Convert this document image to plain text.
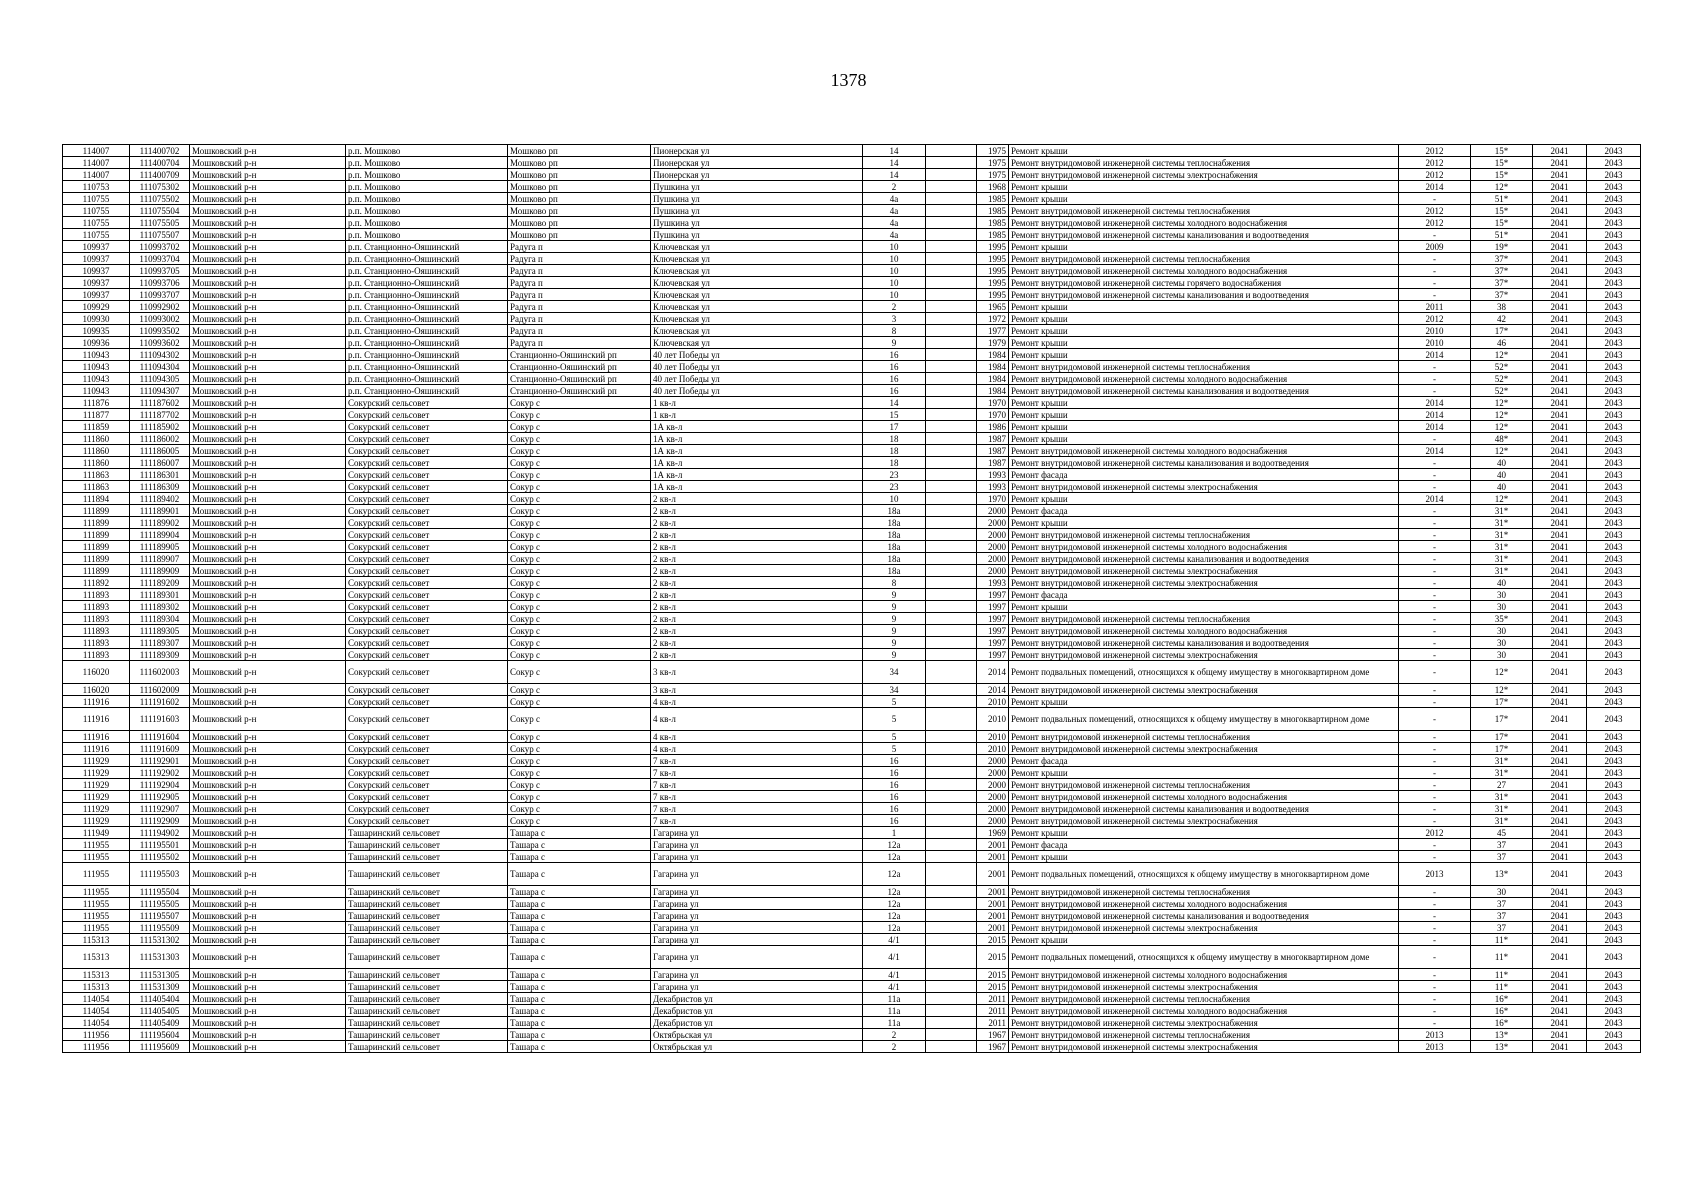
1378
114007	111400702	Мошковский р-н	р.п. Мошково	Мошково рп	Пионерская ул	14		1975	Ремонт крыши	2012	15*	2041	2043
114007	111400704	Мошковский р-н	р.п. Мошково	Мошково рп	Пионерская ул	14		1975	Ремонт внутридомовой инженерной системы теплоснабжения	2012	15*	2041	2043
114007	111400709	Мошковский р-н	р.п. Мошково	Мошково рп	Пионерская ул	14		1975	Ремонт внутридомовой инженерной системы электроснабжения	2012	15*	2041	2043
110753	111075302	Мошковский р-н	р.п. Мошково	Мошково рп	Пушкина ул	2		1968	Ремонт крыши	2014	12*	2041	2043
110755	111075502	Мошковский р-н	р.п. Мошково	Мошково рп	Пушкина ул	4а		1985	Ремонт крыши	-	51*	2041	2043
110755	111075504	Мошковский р-н	р.п. Мошково	Мошково рп	Пушкина ул	4а		1985	Ремонт внутридомовой инженерной системы теплоснабжения	2012	15*	2041	2043
110755	111075505	Мошковский р-н	р.п. Мошково	Мошково рп	Пушкина ул	4а		1985	Ремонт внутридомовой инженерной системы холодного водоснабжения	2012	15*	2041	2043
110755	111075507	Мошковский р-н	р.п. Мошково	Мошково рп	Пушкина ул	4а		1985	Ремонт внутридомовой инженерной системы канализования и водоотведения	-	51*	2041	2043
109937	110993702	Мошковский р-н	р.п. Станционно-Ояшинский	Радуга п	Ключевская ул	10		1995	Ремонт крыши	2009	19*	2041	2043
109937	110993704	Мошковский р-н	р.п. Станционно-Ояшинский	Радуга п	Ключевская ул	10		1995	Ремонт внутридомовой инженерной системы теплоснабжения	-	37*	2041	2043
109937	110993705	Мошковский р-н	р.п. Станционно-Ояшинский	Радуга п	Ключевская ул	10		1995	Ремонт внутридомовой инженерной системы холодного водоснабжения	-	37*	2041	2043
109937	110993706	Мошковский р-н	р.п. Станционно-Ояшинский	Радуга п	Ключевская ул	10		1995	Ремонт внутридомовой инженерной системы горячего водоснабжения	-	37*	2041	2043
109937	110993707	Мошковский р-н	р.п. Станционно-Ояшинский	Радуга п	Ключевская ул	10		1995	Ремонт внутридомовой инженерной системы канализования и водоотведения	-	37*	2041	2043
109929	110992902	Мошковский р-н	р.п. Станционно-Ояшинский	Радуга п	Ключевская ул	2		1965	Ремонт крыши	2011	38	2041	2043
109930	110993002	Мошковский р-н	р.п. Станционно-Ояшинский	Радуга п	Ключевская ул	3		1972	Ремонт крыши	2012	42	2041	2043
109935	110993502	Мошковский р-н	р.п. Станционно-Ояшинский	Радуга п	Ключевская ул	8		1977	Ремонт крыши	2010	17*	2041	2043
109936	110993602	Мошковский р-н	р.п. Станционно-Ояшинский	Радуга п	Ключевская ул	9		1979	Ремонт крыши	2010	46	2041	2043
110943	111094302	Мошковский р-н	р.п. Станционно-Ояшинский	Станционно-Ояшинский рп	40 лет Победы ул	16		1984	Ремонт крыши	2014	12*	2041	2043
110943	111094304	Мошковский р-н	р.п. Станционно-Ояшинский	Станционно-Ояшинский рп	40 лет Победы ул	16		1984	Ремонт внутридомовой инженерной системы теплоснабжения	-	52*	2041	2043
110943	111094305	Мошковский р-н	р.п. Станционно-Ояшинский	Станционно-Ояшинский рп	40 лет Победы ул	16		1984	Ремонт внутридомовой инженерной системы холодного водоснабжения	-	52*	2041	2043
110943	111094307	Мошковский р-н	р.п. Станционно-Ояшинский	Станционно-Ояшинский рп	40 лет Победы ул	16		1984	Ремонт внутридомовой инженерной системы канализования и водоотведения	-	52*	2041	2043
111876	111187602	Мошковский р-н	Сокурский сельсовет	Сокур с	1 кв-л	14		1970	Ремонт крыши	2014	12*	2041	2043
111877	111187702	Мошковский р-н	Сокурский сельсовет	Сокур с	1 кв-л	15		1970	Ремонт крыши	2014	12*	2041	2043
111859	111185902	Мошковский р-н	Сокурский сельсовет	Сокур с	1А кв-л	17		1986	Ремонт крыши	2014	12*	2041	2043
111860	111186002	Мошковский р-н	Сокурский сельсовет	Сокур с	1А кв-л	18		1987	Ремонт крыши	-	48*	2041	2043
111860	111186005	Мошковский р-н	Сокурский сельсовет	Сокур с	1А кв-л	18		1987	Ремонт внутридомовой инженерной системы холодного водоснабжения	2014	12*	2041	2043
111860	111186007	Мошковский р-н	Сокурский сельсовет	Сокур с	1А кв-л	18		1987	Ремонт внутридомовой инженерной системы канализования и водоотведения	-	40	2041	2043
111863	111186301	Мошковский р-н	Сокурский сельсовет	Сокур с	1А кв-л	23		1993	Ремонт фасада	-	40	2041	2043
111863	111186309	Мошковский р-н	Сокурский сельсовет	Сокур с	1А кв-л	23		1993	Ремонт внутридомовой инженерной системы электроснабжения	-	40	2041	2043
111894	111189402	Мошковский р-н	Сокурский сельсовет	Сокур с	2 кв-л	10		1970	Ремонт крыши	2014	12*	2041	2043
111899	111189901	Мошковский р-н	Сокурский сельсовет	Сокур с	2 кв-л	18а		2000	Ремонт фасада	-	31*	2041	2043
111899	111189902	Мошковский р-н	Сокурский сельсовет	Сокур с	2 кв-л	18а		2000	Ремонт крыши	-	31*	2041	2043
111899	111189904	Мошковский р-н	Сокурский сельсовет	Сокур с	2 кв-л	18а		2000	Ремонт внутридомовой инженерной системы теплоснабжения	-	31*	2041	2043
111899	111189905	Мошковский р-н	Сокурский сельсовет	Сокур с	2 кв-л	18а		2000	Ремонт внутридомовой инженерной системы холодного водоснабжения	-	31*	2041	2043
111899	111189907	Мошковский р-н	Сокурский сельсовет	Сокур с	2 кв-л	18а		2000	Ремонт внутридомовой инженерной системы канализования и водоотведения	-	31*	2041	2043
111899	111189909	Мошковский р-н	Сокурский сельсовет	Сокур с	2 кв-л	18а		2000	Ремонт внутридомовой инженерной системы электроснабжения	-	31*	2041	2043
111892	111189209	Мошковский р-н	Сокурский сельсовет	Сокур с	2 кв-л	8		1993	Ремонт внутридомовой инженерной системы электроснабжения	-	40	2041	2043
111893	111189301	Мошковский р-н	Сокурский сельсовет	Сокур с	2 кв-л	9		1997	Ремонт фасада	-	30	2041	2043
111893	111189302	Мошковский р-н	Сокурский сельсовет	Сокур с	2 кв-л	9		1997	Ремонт крыши	-	30	2041	2043
111893	111189304	Мошковский р-н	Сокурский сельсовет	Сокур с	2 кв-л	9		1997	Ремонт внутридомовой инженерной системы теплоснабжения	-	35*	2041	2043
111893	111189305	Мошковский р-н	Сокурский сельсовет	Сокур с	2 кв-л	9		1997	Ремонт внутридомовой инженерной системы холодного водоснабжения	-	30	2041	2043
111893	111189307	Мошковский р-н	Сокурский сельсовет	Сокур с	2 кв-л	9		1997	Ремонт внутридомовой инженерной системы канализования и водоотведения	-	30	2041	2043
111893	111189309	Мошковский р-н	Сокурский сельсовет	Сокур с	2 кв-л	9		1997	Ремонт внутридомовой инженерной системы электроснабжения	-	30	2041	2043
116020	111602003	Мошковский р-н	Сокурский сельсовет	Сокур с	3 кв-л	34		2014	Ремонт подвальных помещений, относящихся к общему имуществу в многоквартирном доме	-	12*	2041	2043
116020	111602009	Мошковский р-н	Сокурский сельсовет	Сокур с	3 кв-л	34		2014	Ремонт внутридомовой инженерной системы электроснабжения	-	12*	2041	2043
111916	111191602	Мошковский р-н	Сокурский сельсовет	Сокур с	4 кв-л	5		2010	Ремонт крыши	-	17*	2041	2043
111916	111191603	Мошковский р-н	Сокурский сельсовет	Сокур с	4 кв-л	5		2010	Ремонт подвальных помещений, относящихся к общему имуществу в многоквартирном доме	-	17*	2041	2043
111916	111191604	Мошковский р-н	Сокурский сельсовет	Сокур с	4 кв-л	5		2010	Ремонт внутридомовой инженерной системы теплоснабжения	-	17*	2041	2043
111916	111191609	Мошковский р-н	Сокурский сельсовет	Сокур с	4 кв-л	5		2010	Ремонт внутридомовой инженерной системы электроснабжения	-	17*	2041	2043
111929	111192901	Мошковский р-н	Сокурский сельсовет	Сокур с	7 кв-л	16		2000	Ремонт фасада	-	31*	2041	2043
111929	111192902	Мошковский р-н	Сокурский сельсовет	Сокур с	7 кв-л	16		2000	Ремонт крыши	-	31*	2041	2043
111929	111192904	Мошковский р-н	Сокурский сельсовет	Сокур с	7 кв-л	16		2000	Ремонт внутридомовой инженерной системы теплоснабжения	-	27	2041	2043
111929	111192905	Мошковский р-н	Сокурский сельсовет	Сокур с	7 кв-л	16		2000	Ремонт внутридомовой инженерной системы холодного водоснабжения	-	31*	2041	2043
111929	111192907	Мошковский р-н	Сокурский сельсовет	Сокур с	7 кв-л	16		2000	Ремонт внутридомовой инженерной системы канализования и водоотведения	-	31*	2041	2043
111929	111192909	Мошковский р-н	Сокурский сельсовет	Сокур с	7 кв-л	16		2000	Ремонт внутридомовой инженерной системы электроснабжения	-	31*	2041	2043
111949	111194902	Мошковский р-н	Ташаринский сельсовет	Ташара с	Гагарина ул	1		1969	Ремонт крыши	2012	45	2041	2043
111955	111195501	Мошковский р-н	Ташаринский сельсовет	Ташара с	Гагарина ул	12а		2001	Ремонт фасада	-	37	2041	2043
111955	111195502	Мошковский р-н	Ташаринский сельсовет	Ташара с	Гагарина ул	12а		2001	Ремонт крыши	-	37	2041	2043
111955	111195503	Мошковский р-н	Ташаринский сельсовет	Ташара с	Гагарина ул	12а		2001	Ремонт подвальных помещений, относящихся к общему имуществу в многоквартирном доме	2013	13*	2041	2043
111955	111195504	Мошковский р-н	Ташаринский сельсовет	Ташара с	Гагарина ул	12а		2001	Ремонт внутридомовой инженерной системы теплоснабжения	-	30	2041	2043
111955	111195505	Мошковский р-н	Ташаринский сельсовет	Ташара с	Гагарина ул	12а		2001	Ремонт внутридомовой инженерной системы холодного водоснабжения	-	37	2041	2043
111955	111195507	Мошковский р-н	Ташаринский сельсовет	Ташара с	Гагарина ул	12а		2001	Ремонт внутридомовой инженерной системы канализования и водоотведения	-	37	2041	2043
111955	111195509	Мошковский р-н	Ташаринский сельсовет	Ташара с	Гагарина ул	12а		2001	Ремонт внутридомовой инженерной системы электроснабжения	-	37	2041	2043
115313	111531302	Мошковский р-н	Ташаринский сельсовет	Ташара с	Гагарина ул	4/1		2015	Ремонт крыши	-	11*	2041	2043
115313	111531303	Мошковский р-н	Ташаринский сельсовет	Ташара с	Гагарина ул	4/1		2015	Ремонт подвальных помещений, относящихся к общему имуществу в многоквартирном доме	-	11*	2041	2043
115313	111531305	Мошковский р-н	Ташаринский сельсовет	Ташара с	Гагарина ул	4/1		2015	Ремонт внутридомовой инженерной системы холодного водоснабжения	-	11*	2041	2043
115313	111531309	Мошковский р-н	Ташаринский сельсовет	Ташара с	Гагарина ул	4/1		2015	Ремонт внутридомовой инженерной системы электроснабжения	-	11*	2041	2043
114054	111405404	Мошковский р-н	Ташаринский сельсовет	Ташара с	Декабристов ул	11а		2011	Ремонт внутридомовой инженерной системы теплоснабжения	-	16*	2041	2043
114054	111405405	Мошковский р-н	Ташаринский сельсовет	Ташара с	Декабристов ул	11а		2011	Ремонт внутридомовой инженерной системы холодного водоснабжения	-	16*	2041	2043
114054	111405409	Мошковский р-н	Ташаринский сельсовет	Ташара с	Декабристов ул	11а		2011	Ремонт внутридомовой инженерной системы электроснабжения	-	16*	2041	2043
111956	111195604	Мошковский р-н	Ташаринский сельсовет	Ташара с	Октябрьская ул	2		1967	Ремонт внутридомовой инженерной системы теплоснабжения	2013	13*	2041	2043
111956	111195609	Мошковский р-н	Ташаринский сельсовет	Ташара с	Октябрьская ул	2		1967	Ремонт внутридомовой инженерной системы электроснабжения	2013	13*	2041	2043
